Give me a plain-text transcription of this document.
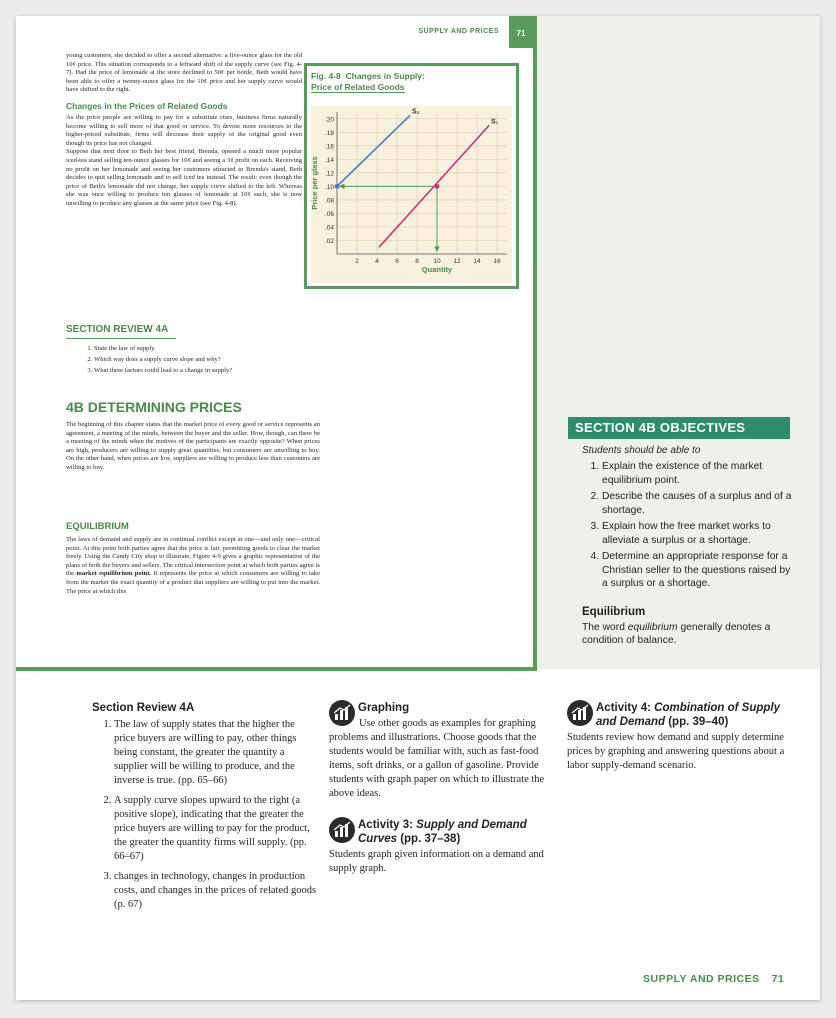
SUPPLY AND PRICES	71

young customers, she decided to offer a second alternative: a five-ounce glass for the old 10¢ price. This situation corresponds to a leftward shift of the supply curve (see Fig. 4-7). Had the price of lemonade at the store declined to 50¢ per bottle, Beth would have been able to offer a twenty-ounce glass for the 10¢ price and her supply curve would have shifted to the right.

Changes in the Prices of Related Goods

As the price people are willing to pay for a substitute rises, business firms naturally become willing to sell more of that good or service. To devote more resources to the higher-priced substitute, firms will decrease their supply of the original good even though its price has not changed.

Suppose that next door to Beth her best friend, Brenda, opened a much more popular iced-tea stand selling ten-ounce glasses for 10¢ and seeing a 3¢ profit on each. Receiving no profit on her lemonade and seeing her customers attracted to Brenda's stand, Beth decides to quit selling lemonade and to sell iced tea instead. The result: even though the price of Beth's lemonade did not change, her supply curve shifted to the left. Whereas she was once willing to produce ten glasses of lemonade at 10¢ each, she is now unwilling to produce any glasses at the same price (see Fig. 4-8).

Fig. 4-8 Changes in Supply:
Price of Related Goods
.02
.04
.06
.08
.10
.12
.14
.16
.18
.20
2	4	6	8 10 12 14 16
Quantity
Price per glass
S₂
S₁
SECTION REVIEW 4A
1. State the law of supply.
2. Which way does a supply curve slope and why?
3. What three factors could lead to a change in supply?
4B DETERMINING PRICES

The beginning of this chapter states that the market price of every good or service represents an agreement, a meeting of the minds, between the buyer and the seller. How, though, can there be a meeting of the minds when the motives of the participants are exactly opposite? When prices are high, producers are willing to supply great quantities, but consumers are unwilling to buy. On the other hand, when prices are low, suppliers are willing to produce less than customers are willing to buy.

EQUILIBRIUM

The laws of demand and supply are in continual conflict except at one—and only one—critical point. At this point both parties agree that the price is fair, permitting goods to clear the market freely. Using the Candy City shop to illustrate, Figure 4-9 gives a graphic representation of the plans of both the buyers and sellers. The critical intersection point at which both parties agree is the market equilibrium point. It represents the price at which consumers are willing to take from the market the exact quantity of a product that suppliers are willing to put into the market. The price at which this

SECTION 4B OBJECTIVES
Students should be able to
1. Explain the existence of the market equilibrium point.
2. Describe the causes of a surplus and of a shortage.
3. Explain how the free market works to alleviate a surplus or a shortage.
4. Determine an appropriate response for a Christian seller to the questions raised by a surplus or a shortage.
Equilibrium
The word equilibrium generally denotes a condition of balance.
Section Review 4A
1. The law of supply states that the higher the price buyers are willing to pay, other things being constant, the greater the quantity a supplier will be willing to produce, and the inverse is true. (pp. 65–66)
2. A supply curve slopes upward to the right (a positive slope), indicating that the greater the price buyers are willing to pay for the product, the greater the quantity firms will supply. (pp. 66–67)
3. changes in technology, changes in production costs, and changes in the prices of related goods (p. 67)
Graphing
Use other goods as examples for graphing problems and illustrations. Choose goods that the students would be familiar with, such as fast-food items, soft drinks, or a gallon of gasoline. Provide students with graph paper on which to illustrate the above ideas.
Activity 3: Supply and Demand Curves (pp. 37–38)
Students graph given information on a demand and supply graph.
Activity 4: Combination of Supply and Demand (pp. 39–40)
Students review how demand and supply determine prices by graphing and answering questions about a labor supply-demand scenario.
SUPPLY AND PRICES 71
